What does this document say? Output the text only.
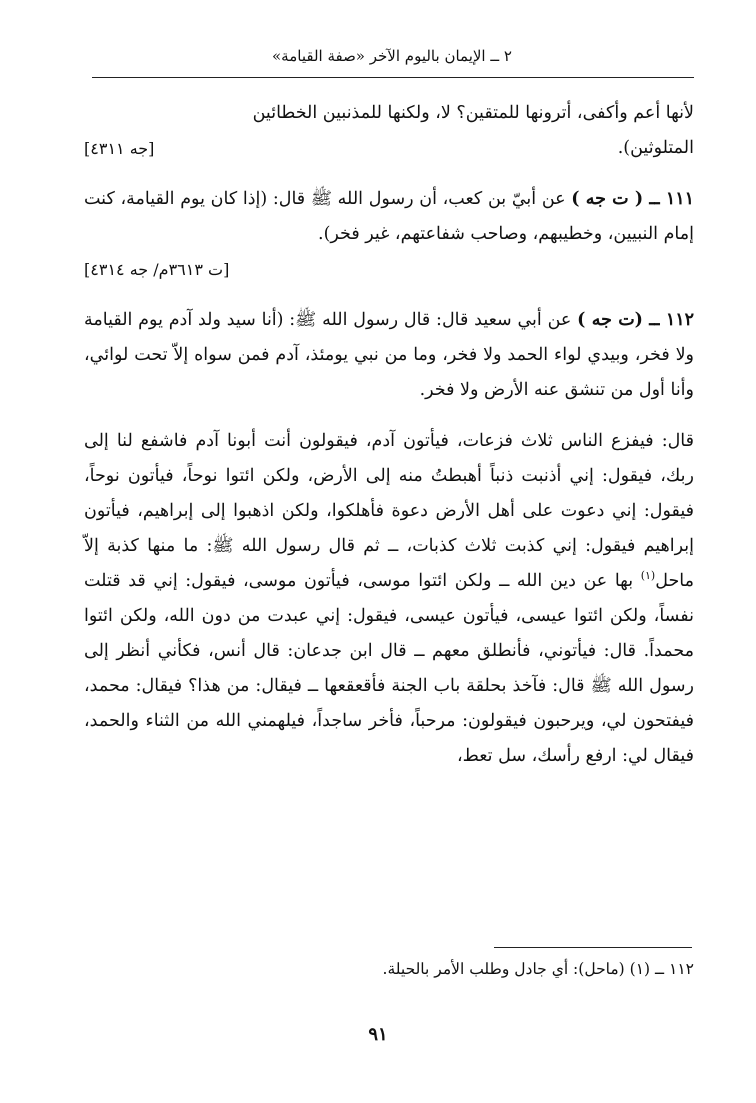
٢ ــ الإيمان باليوم الآخر «صفة القيامة»

لأنها أعم وأكفى، أترونها للمتقين؟ لا، ولكنها للمذنبين الخطائين
المتلوثين).
[جه ٤٣١١]

١١١ ــ ( ت جه ) عن أبيّ بن كعب، أن رسول الله ﷺ قال: (إذا كان يوم القيامة، كنت إمام النبيين، وخطيبهم، وصاحب شفاعتهم، غير فخر).
[ت ٣٦١٣م/ جه ٤٣١٤]

١١٢ ــ (ت جه ) عن أبي سعيد قال: قال رسول الله ﷺ: (أنا سيد ولد آدم يوم القيامة ولا فخر، وبيدي لواء الحمد ولا فخر، وما من نبي يومئذ، آدم فمن سواه إلاّ تحت لوائي، وأنا أول من تنشق عنه الأرض ولا فخر.

قال: فيفزع الناس ثلاث فزعات، فيأتون آدم، فيقولون أنت أبونا آدم فاشفع لنا إلى ربك، فيقول: إني أذنبت ذنباً أهبطتُ منه إلى الأرض، ولكن ائتوا نوحاً، فيأتون نوحاً، فيقول: إني دعوت على أهل الأرض دعوة فأهلكوا، ولكن اذهبوا إلى إبراهيم، فيأتون إبراهيم فيقول: إني كذبت ثلاث كذبات، ــ ثم قال رسول الله ﷺ: ما منها كذبة إلاّ ماحل$^{(١)}$ بها عن دين الله ــ ولكن ائتوا موسى، فيأتون موسى، فيقول: إني قد قتلت نفساً، ولكن ائتوا عيسى، فيأتون عيسى، فيقول: إني عبدت من دون الله، ولكن ائتوا محمداً. قال: فيأتوني، فأنطلق معهم ــ قال ابن جدعان: قال أنس، فكأني أنظر إلى رسول الله ﷺ قال: فآخذ بحلقة باب الجنة فأقعقعها ــ فيقال: من هذا؟ فيقال: محمد، فيفتحون لي، ويرحبون فيقولون: مرحباً، فأخر ساجداً، فيلهمني الله من الثناء والحمد، فيقال لي: ارفع رأسك، سل تعط،

١١٢ ــ (١) (ماحل): أي جادل وطلب الأمر بالحيلة.
٩١
